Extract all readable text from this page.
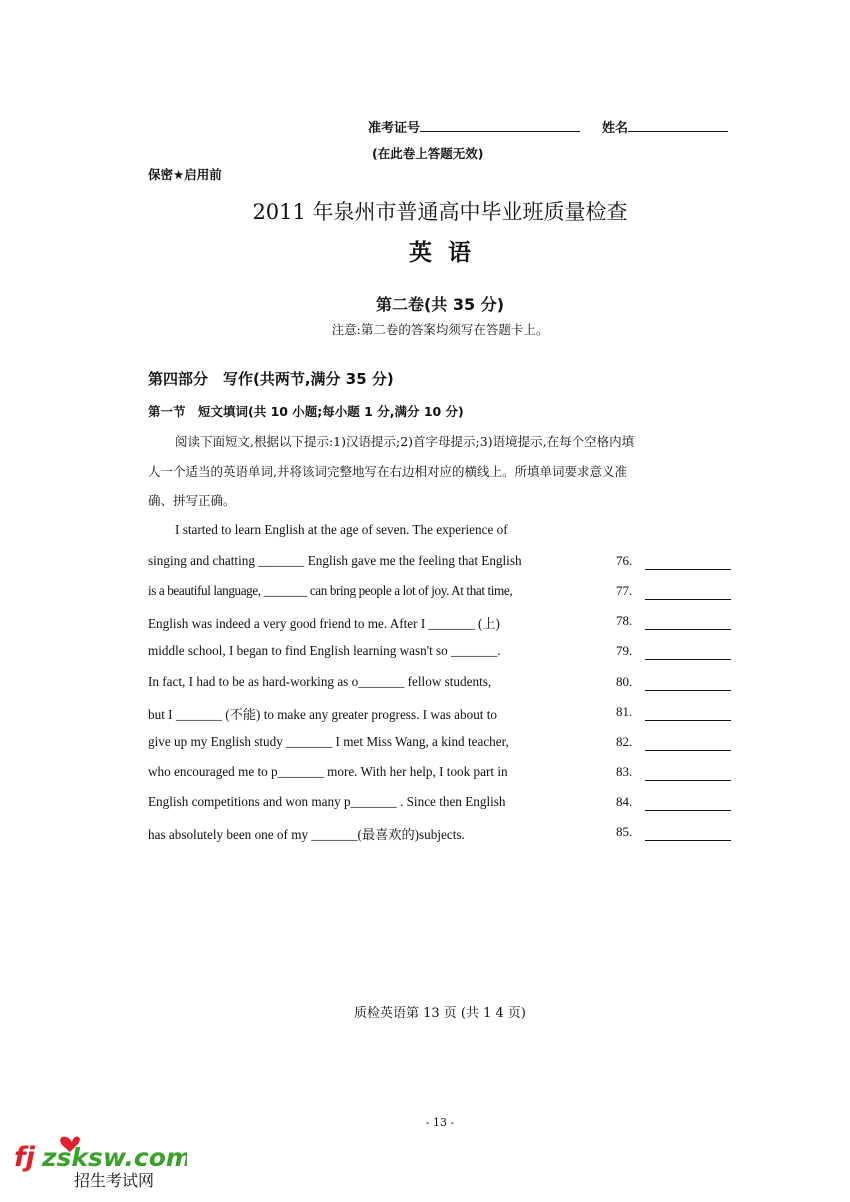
准考证号	姓名
(在此卷上答题无效)
保密★启用前
2011 年泉州市普通高中毕业班质量检查
英  语
第二卷(共 35 分)
注意:第二卷的答案均须写在答题卡上。
第四部分　写作(共两节,满分 35 分)
第一节　短文填词(共 10 小题;每小题 1 分,满分 10 分)
阅读下面短文,根据以下提示:1)汉语提示;2)首字母提示;3)语境提示,在每个空格内填
人一个适当的英语单词,并将该词完整地写在右边相对应的横线上。所填单词要求意义准
确、拼写正确。
I started to learn English at the age of seven. The experience of
singing and chatting _______ English gave me the feeling that English	76.
is a beautiful language, _______ can bring people a lot of joy. At that time,	77.
English was indeed a very good friend to me. After I _______ (上)	78.
middle school, I began to find English learning wasn't so _______.	79.
In fact, I had to be as hard-working as o_______ fellow students,	80.
but I _______ (不能) to make any greater progress. I was about to	81.
give up my English study _______ I met Miss Wang, a kind teacher,	82.
who encouraged me to p_______ more. With her help, I took part in	83.
English competitions and won many p_______ . Since then English	84.
has absolutely been one of my _______(最喜欢的)subjects.	85.
质检英语第 13 页 (共 1 4 页)
- 13 -
fj zsksw.com
招生考试网
